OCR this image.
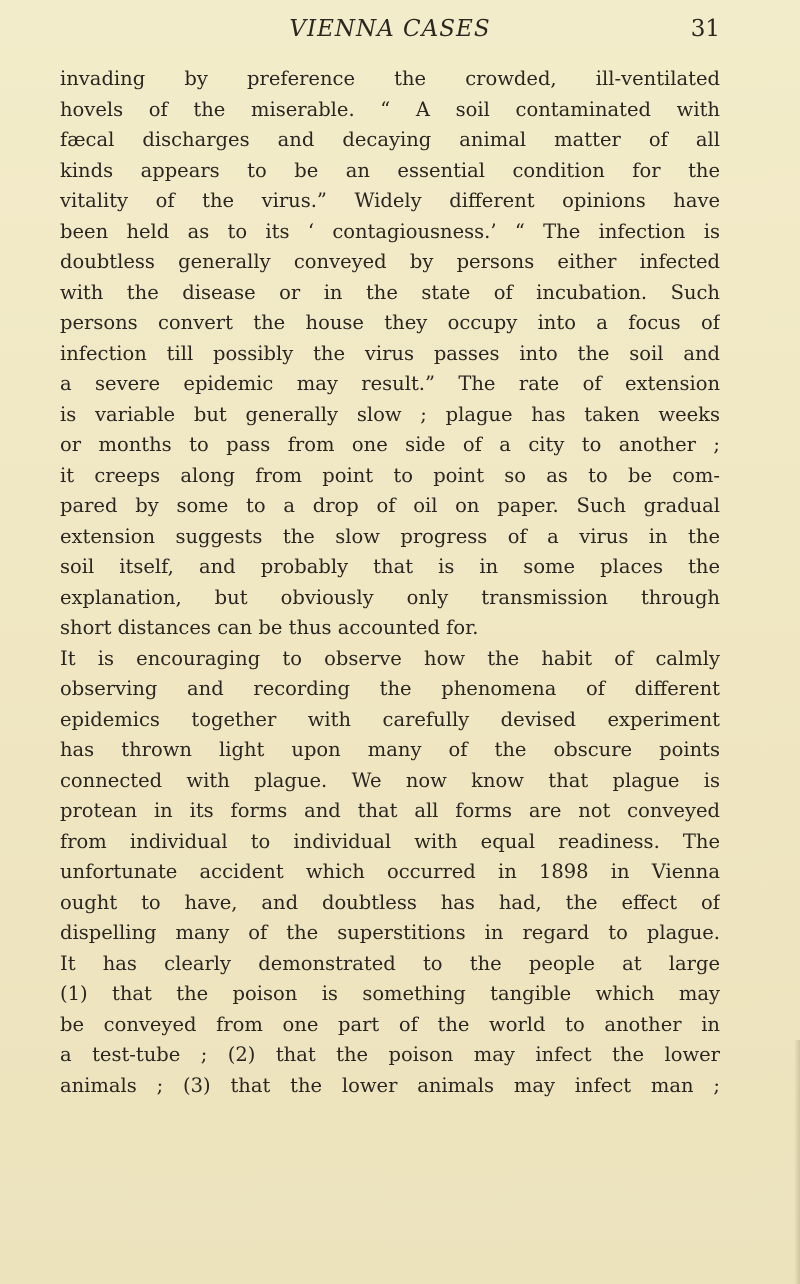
VIENNA CASES	31
invading by preference the crowded, ill-ventilated
hovels of the miserable. “ A soil contaminated with
fæcal discharges and decaying animal matter of all
kinds appears to be an essential condition for the
vitality of the virus.” Widely different opinions have
been held as to its ‘ contagiousness.’ “ The infection is
doubtless generally conveyed by persons either infected
with the disease or in the state of incubation. Such
persons convert the house they occupy into a focus of
infection till possibly the virus passes into the soil and
a severe epidemic may result.” The rate of extension
is variable but generally slow ; plague has taken weeks
or months to pass from one side of a city to another ;
it creeps along from point to point so as to be com-
pared by some to a drop of oil on paper. Such gradual
extension suggests the slow progress of a virus in the
soil itself, and probably that is in some places the
explanation, but obviously only transmission through
short distances can be thus accounted for.
It is encouraging to observe how the habit of calmly
observing and recording the phenomena of different
epidemics together with carefully devised experiment
has thrown light upon many of the obscure points
connected with plague. We now know that plague is
protean in its forms and that all forms are not conveyed
from individual to individual with equal readiness. The
unfortunate accident which occurred in 1898 in Vienna
ought to have, and doubtless has had, the effect of
dispelling many of the superstitions in regard to plague.
It has clearly demonstrated to the people at large
(1) that the poison is something tangible which may
be conveyed from one part of the world to another in
a test-tube ; (2) that the poison may infect the lower
animals ; (3) that the lower animals may infect man ;
